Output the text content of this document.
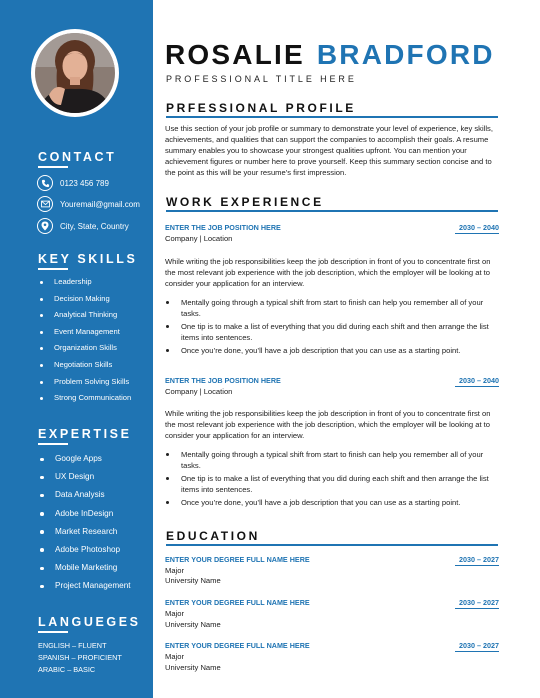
CONTACT
0123 456 789
Youremail@gmail.com
City, State, Country
KEY SKILLS
Leadership
Decision Making
Analytical Thinking
Event Management
Organization Skills
Negotiation Skills
Problem Solving Skills
Strong Communication
EXPERTISE
Google Apps
UX Design
Data Analysis
Adobe InDesign
Market Research
Adobe Photoshop
Mobile Marketing
Project Management
LANGUEGES
ENGLISH – FLUENT
SPANISH – PROFICIENT
ARABIC – BASIC
ROSALIE BRADFORD
PROFESSIONAL TITLE HERE
PRFESSIONAL PROFILE
Use this section of your job profile or summary to demonstrate your level of experience, key skills, achievements, and qualities that can support the companies to accomplish their goals. A resume summary enables you to showcase your strongest qualities upfront. You can mention your achievement figures or number here to prove yourself. Keep this summary section concise and to the point as this will be your resume’s first impression.
WORK EXPERIENCE
ENTER THE JOB POSITION HERE	2030 – 2040
Company | Location
While writing the job responsibilities keep the job description in front of you to concentrate first on the most relevant job experience with the job description, which the employer will be looking at to consider your application for an interview.
Mentally going through a typical shift from start to finish can help you remember all of your tasks.
One tip is to make a list of everything that you did during each shift and then arrange the list items into sentences.
Once you’re done, you’ll have a job description that you can use as a starting point.
ENTER THE JOB POSITION HERE	2030 – 2040
Company | Location
While writing the job responsibilities keep the job description in front of you to concentrate first on the most relevant job experience with the job description, which the employer will be looking at to consider your application for an interview.
Mentally going through a typical shift from start to finish can help you remember all of your tasks.
One tip is to make a list of everything that you did during each shift and then arrange the list items into sentences.
Once you’re done, you’ll have a job description that you can use as a starting point.
EDUCATION
ENTER YOUR DEGREE FULL NAME HERE	2030 – 2027
Major
University Name
ENTER YOUR DEGREE FULL NAME HERE	2030 – 2027
Major
University Name
ENTER YOUR DEGREE FULL NAME HERE	2030 – 2027
Major
University Name
